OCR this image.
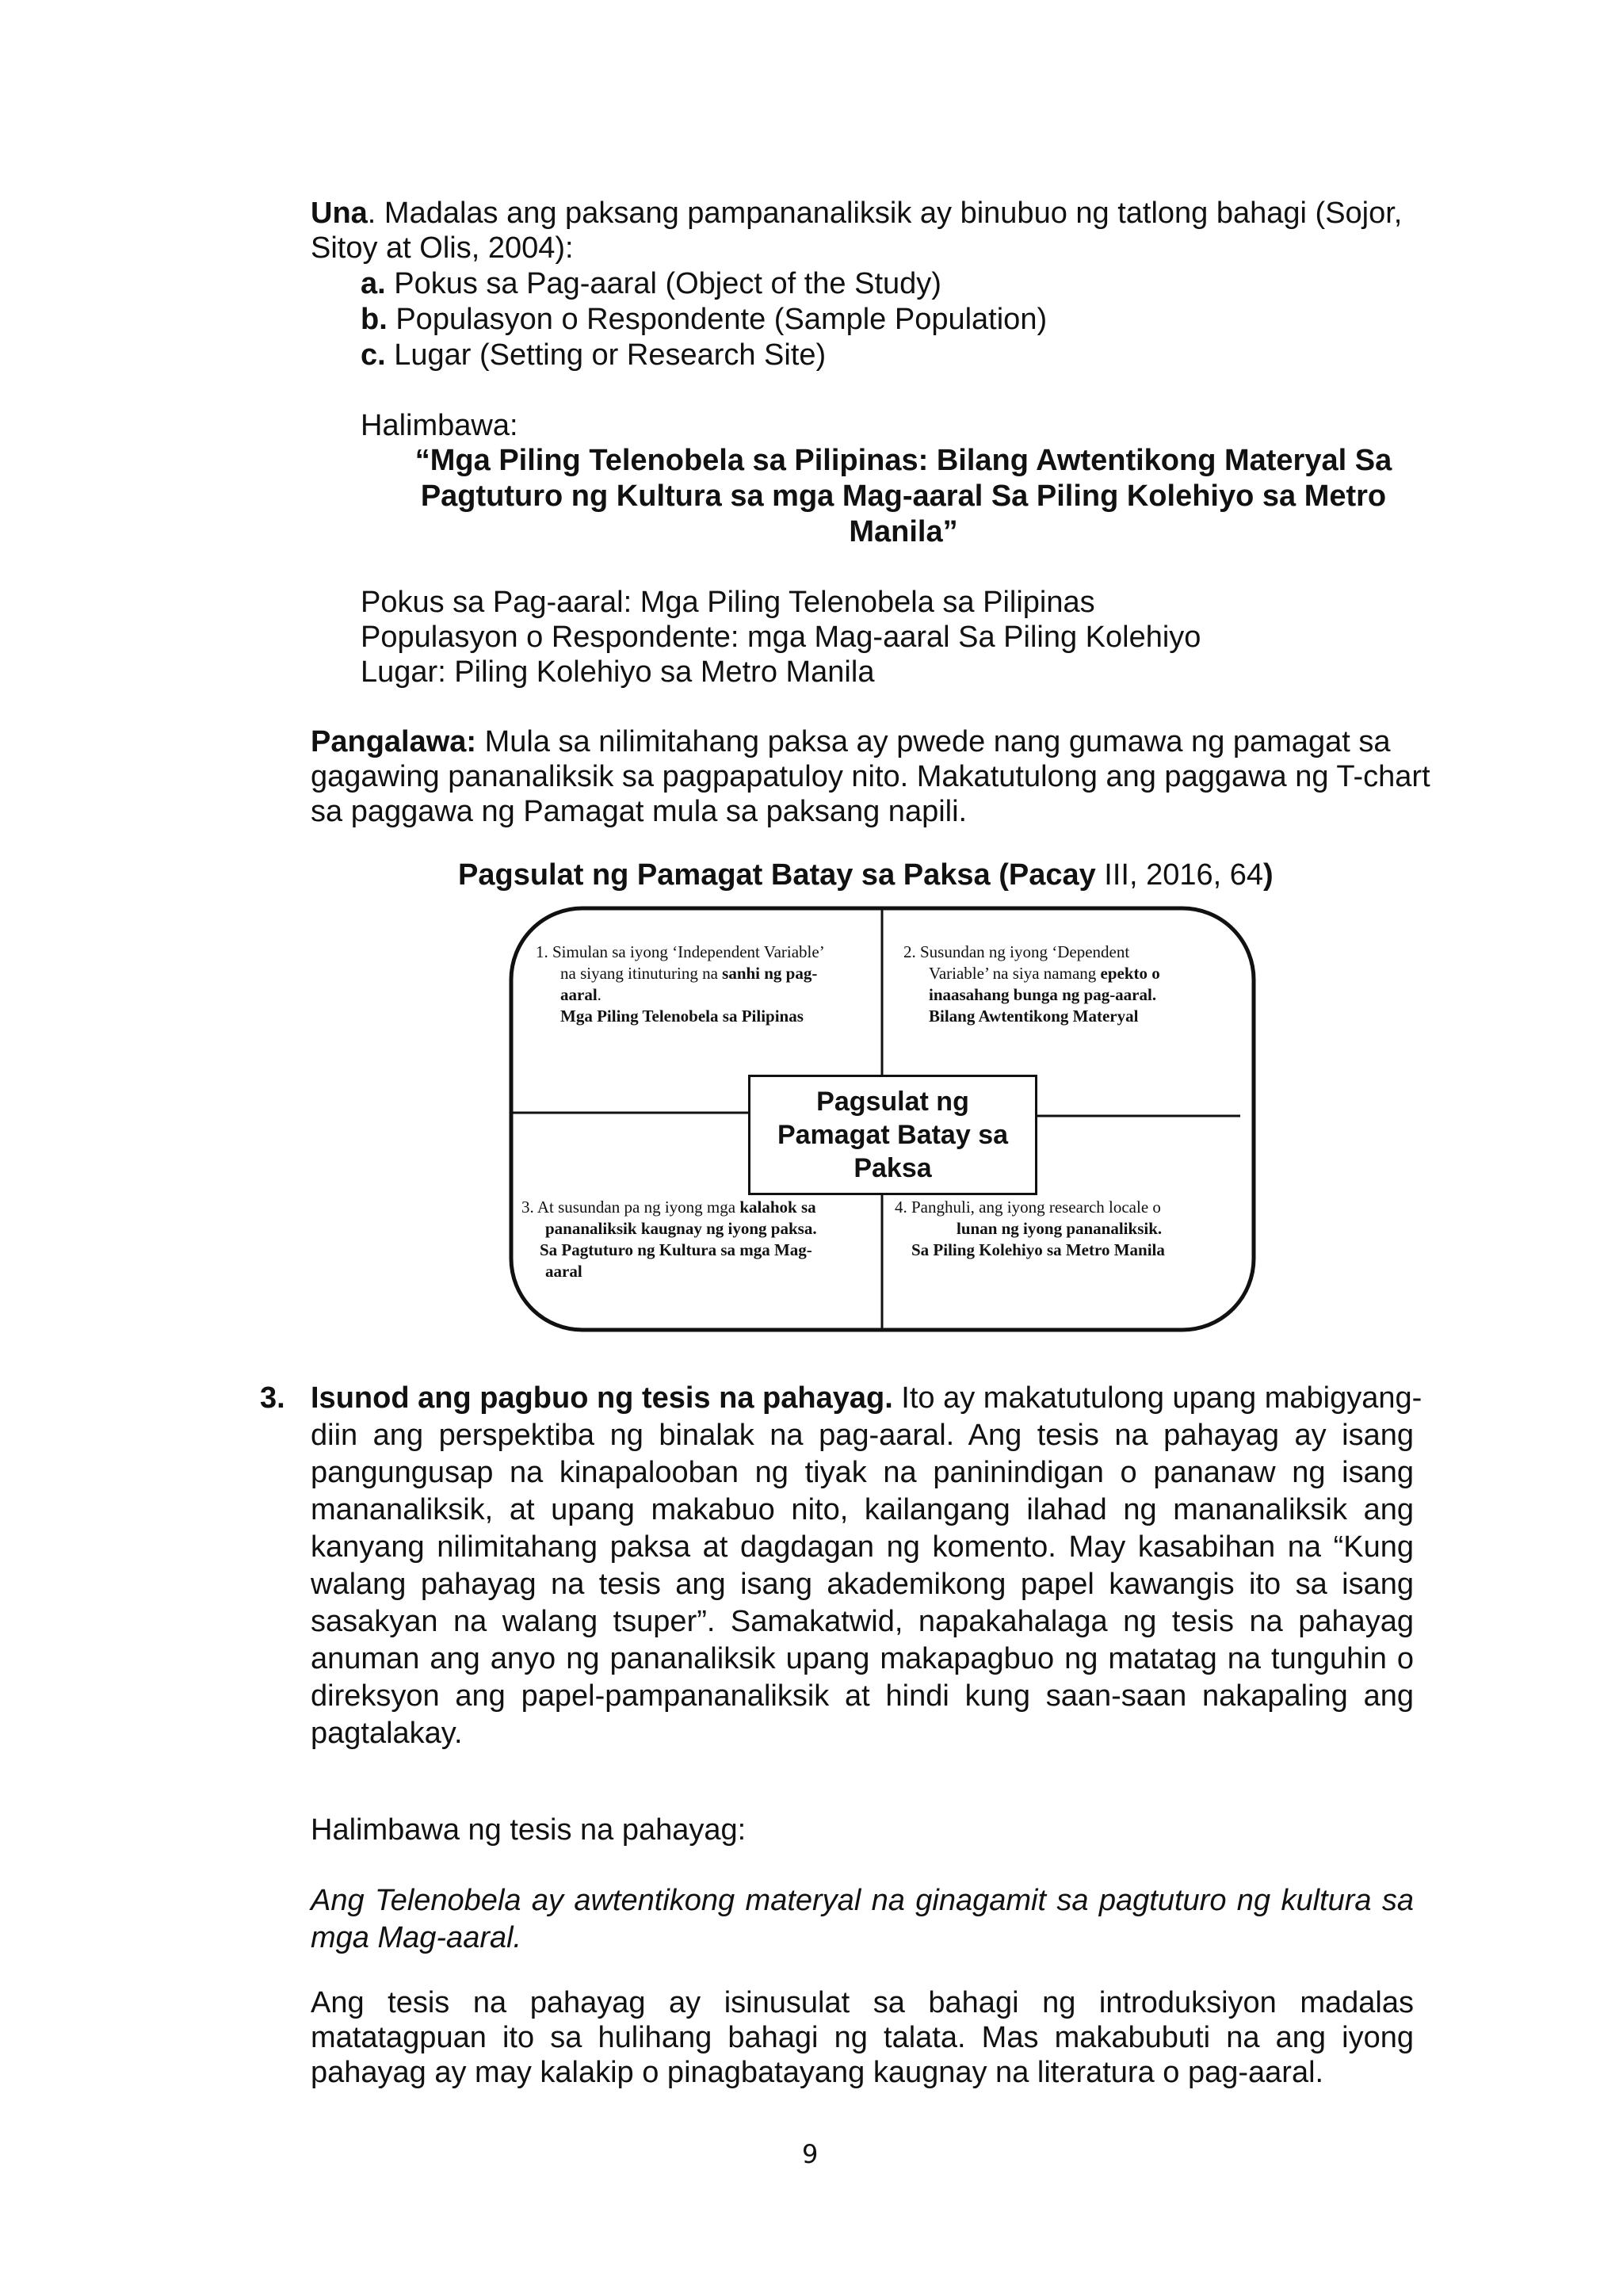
Una. Madalas ang paksang pampananaliksik ay binubuo ng tatlong bahagi (Sojor,
Sitoy at Olis, 2004):
a. Pokus sa Pag-aaral (Object of the Study)
b. Populasyon o Respondente (Sample Population)
c. Lugar (Setting or Research Site)
Halimbawa:
“Mga Piling Telenobela sa Pilipinas: Bilang Awtentikong Materyal Sa
Pagtuturo ng Kultura sa mga Mag-aaral Sa Piling Kolehiyo sa Metro
Manila”
Pokus sa Pag-aaral: Mga Piling Telenobela sa Pilipinas
Populasyon o Respondente: mga Mag-aaral Sa Piling Kolehiyo
Lugar: Piling Kolehiyo sa Metro Manila
Pangalawa: Mula sa nilimitahang paksa ay pwede nang gumawa ng pamagat sa
gagawing pananaliksik sa pagpapatuloy nito. Makatutulong ang paggawa ng T-chart
sa paggawa ng Pamagat mula sa paksang napili.
Pagsulat ng Pamagat Batay sa Paksa (Pacay III, 2016, 64)
Pagsulat ng
Pamagat Batay sa
Paksa
1. Simulan sa iyong ‘Independent Variable’
na siyang itinuturing na sanhi ng pag-
aaral.
Mga Piling Telenobela sa Pilipinas
2. Susundan ng iyong ‘Dependent
Variable’ na siya namang epekto o
inaasahang bunga ng pag-aaral.
Bilang Awtentikong Materyal
3. At susundan pa ng iyong mga kalahok sa
pananaliksik kaugnay ng iyong paksa.
Sa Pagtuturo ng Kultura sa mga Mag-
aaral
4. Panghuli, ang iyong research locale o
lunan ng iyong pananaliksik.
Sa Piling Kolehiyo sa Metro Manila
3. Isunod ang pagbuo ng tesis na pahayag. Ito ay makatutulong upang mabigyang-
diin ang perspektiba ng binalak na pag-aaral. Ang tesis na pahayag ay isang
pangungusap na kinapalooban ng tiyak na paninindigan o pananaw ng isang
mananaliksik, at upang makabuo nito, kailangang ilahad ng mananaliksik ang
kanyang nilimitahang paksa at dagdagan ng komento. May kasabihan na “Kung
walang pahayag na tesis ang isang akademikong papel kawangis ito sa isang
sasakyan na walang tsuper”. Samakatwid, napakahalaga ng tesis na pahayag
anuman ang anyo ng pananaliksik upang makapagbuo ng matatag na tunguhin o
direksyon ang papel-pampananaliksik at hindi kung saan-saan nakapaling ang
pagtalakay.
Halimbawa ng tesis na pahayag:
Ang Telenobela ay awtentikong materyal na ginagamit sa pagtuturo ng kultura sa
mga Mag-aaral.
Ang tesis na pahayag ay isinusulat sa bahagi ng introduksiyon madalas
matatagpuan ito sa hulihang bahagi ng talata. Mas makabubuti na ang iyong
pahayag ay may kalakip o pinagbatayang kaugnay na literatura o pag-aaral.
9
